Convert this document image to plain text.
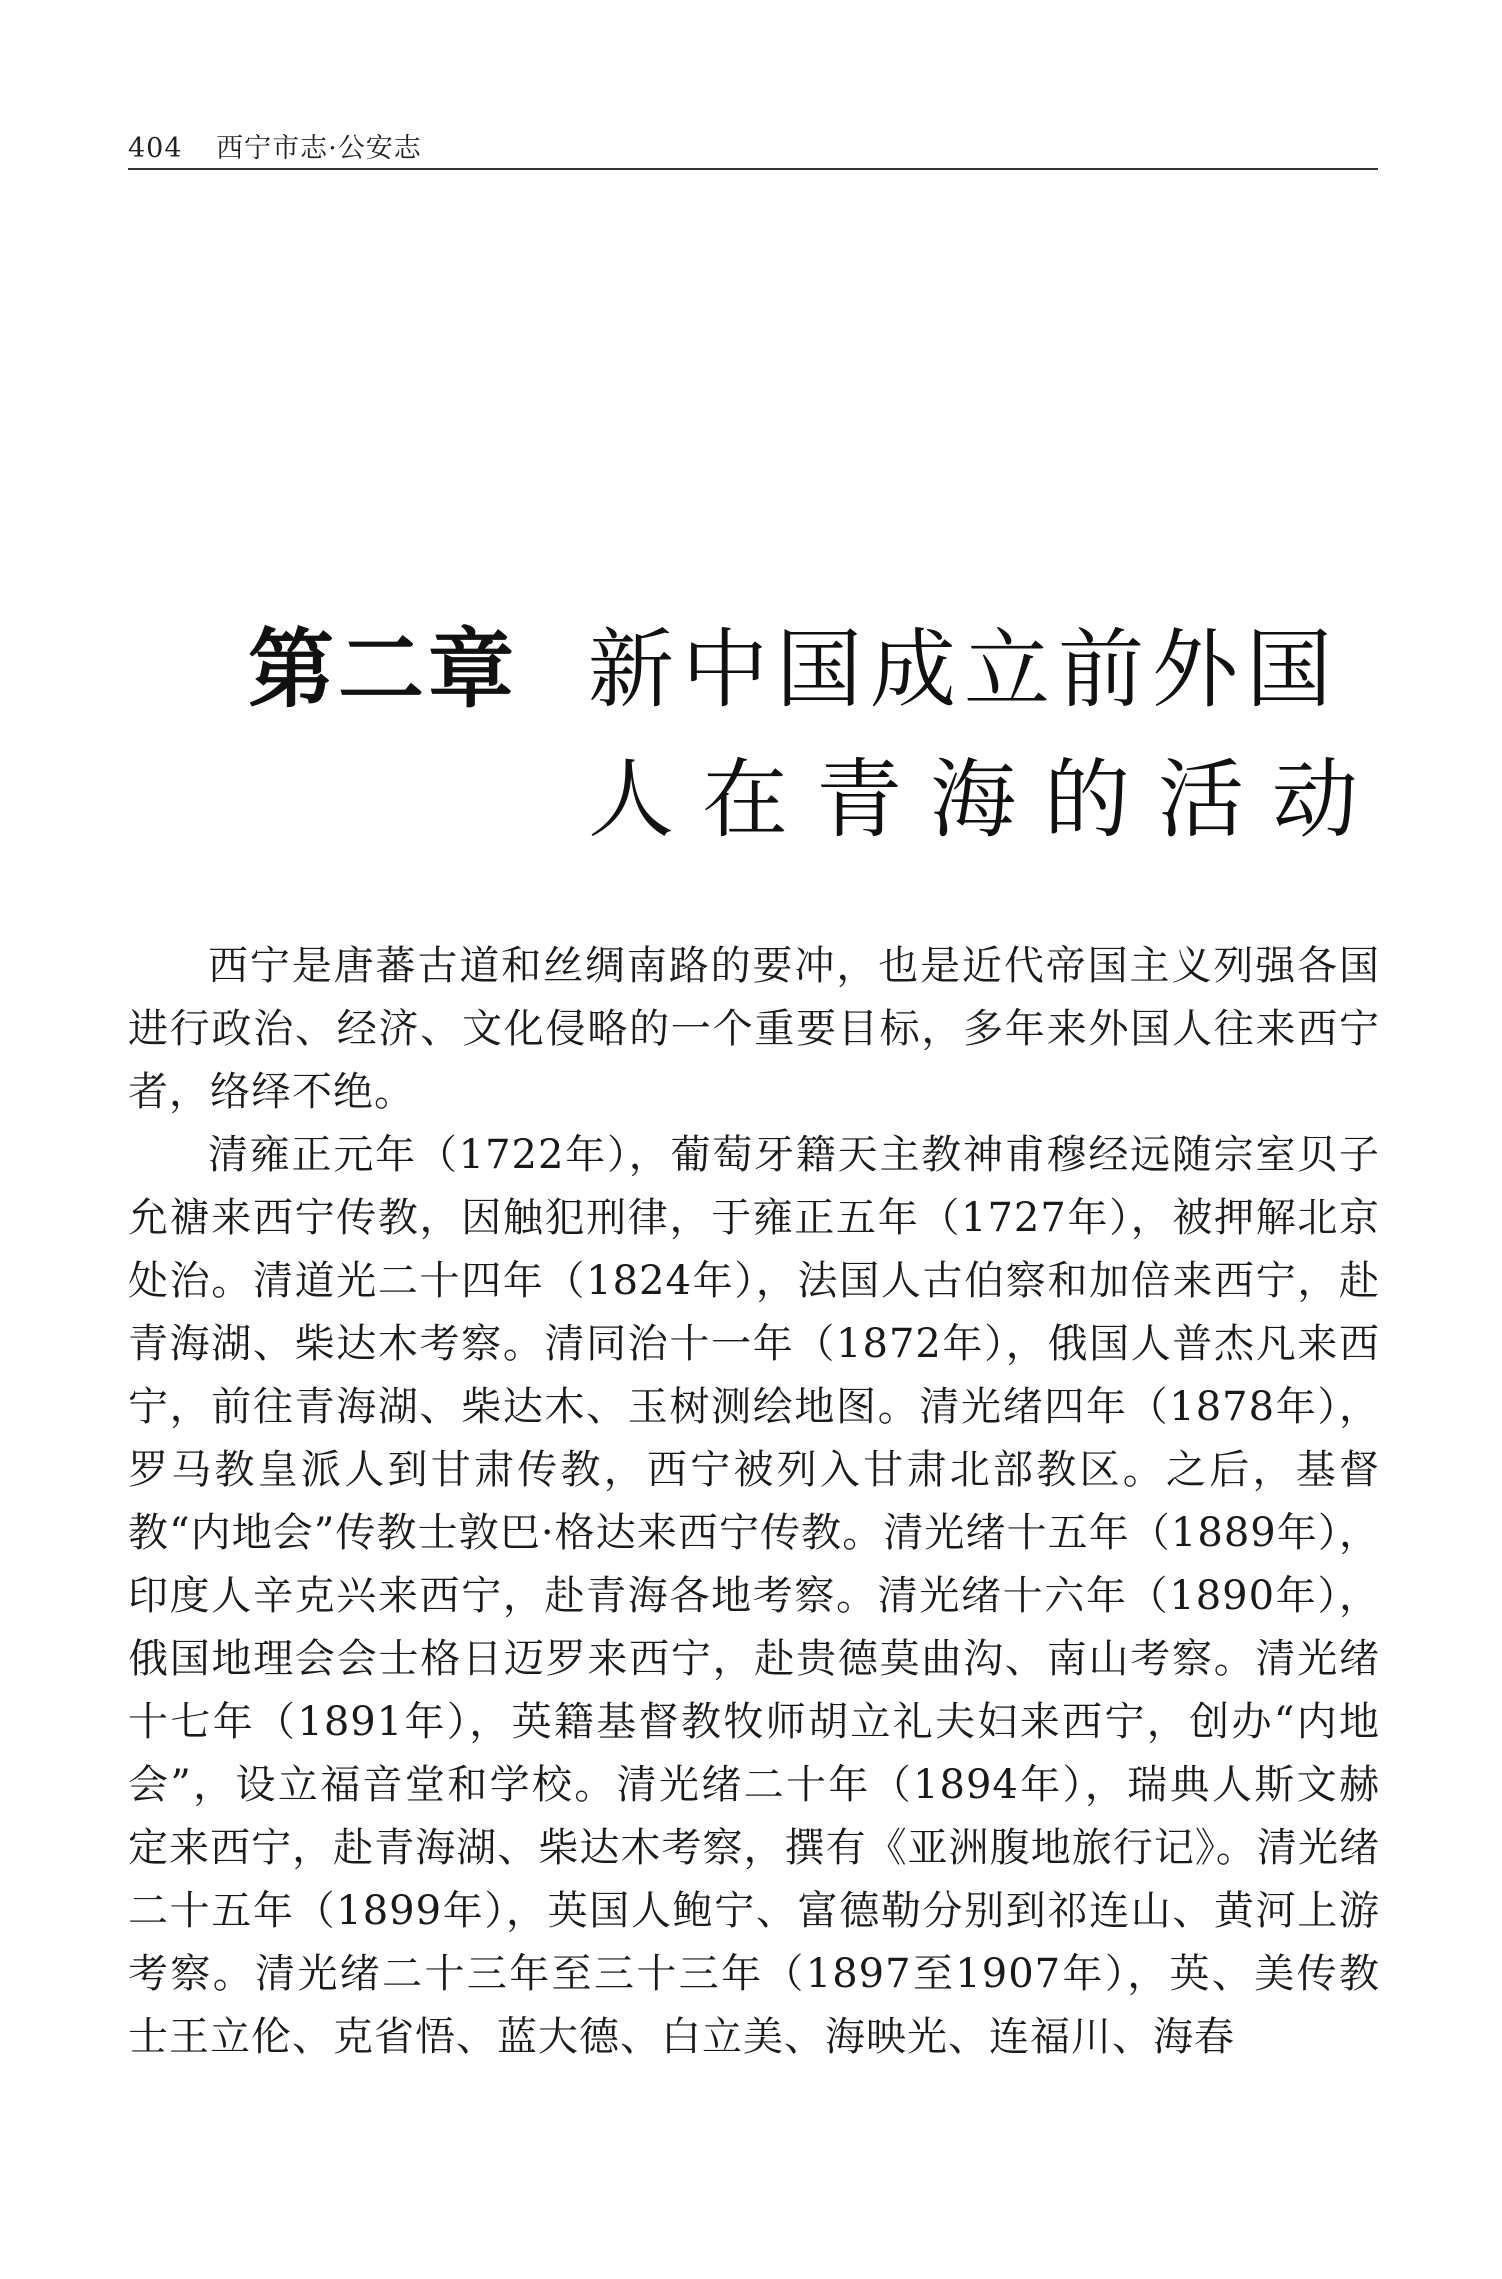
404 西宁市志·公安志
第二章 新中国成立前外国
人在青海的活动

西宁是唐蕃古道和丝绸南路的要冲，也是近代帝国主义列强各国进行政治、经济、文化侵略的一个重要目标，多年来外国人往来西宁者，络绎不绝。

清雍正元年（1722年），葡萄牙籍天主教神甫穆经远随宗室贝子允禟来西宁传教，因触犯刑律，于雍正五年（1727年），被押解北京处治。清道光二十四年（1824年），法国人古伯察和加倍来西宁，赴青海湖、柴达木考察。清同治十一年（1872年），俄国人普杰凡来西宁，前往青海湖、柴达木、玉树测绘地图。清光绪四年（1878年），罗马教皇派人到甘肃传教，西宁被列入甘肃北部教区。之后，基督教“内地会”传教士敦巴·格达来西宁传教。清光绪十五年（1889年），印度人辛克兴来西宁，赴青海各地考察。清光绪十六年（1890年），俄国地理会会士格日迈罗来西宁，赴贵德莫曲沟、南山考察。清光绪十七年（1891年），英籍基督教牧师胡立礼夫妇来西宁，创办“内地会”，设立福音堂和学校。清光绪二十年（1894年），瑞典人斯文赫定来西宁，赴青海湖、柴达木考察，撰有《亚洲腹地旅行记》。清光绪二十五年（1899年），英国人鲍宁、富德勒分别到祁连山、黄河上游考察。清光绪二十三年至三十三年（1897至1907年），英、美传教士王立伦、克省悟、蓝大德、白立美、海映光、连福川、海春
